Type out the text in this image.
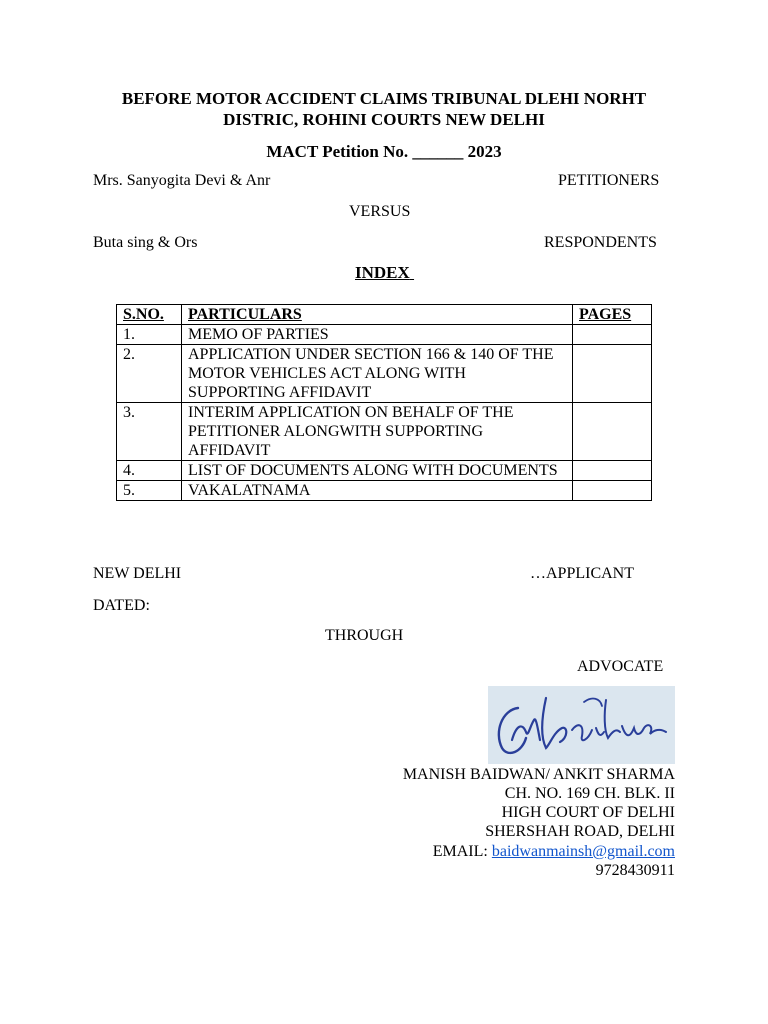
BEFORE MOTOR ACCIDENT CLAIMS TRIBUNAL DLEHI NORHT
DISTRIC, ROHINI COURTS NEW DELHI
MACT Petition No. ______ 2023
Mrs. Sanyogita Devi & Anr	PETITIONERS
VERSUS
Buta sing & Ors	RESPONDENTS
INDEX
S.NO.	PARTICULARS	PAGES
1.	MEMO OF PARTIES	
2.	APPLICATION UNDER SECTION 166 & 140 OF THE MOTOR VEHICLES ACT ALONG WITH SUPPORTING AFFIDAVIT	
3.	INTERIM APPLICATION ON BEHALF OF THE PETITIONER ALONGWITH SUPPORTING AFFIDAVIT	
4.	LIST OF DOCUMENTS ALONG WITH DOCUMENTS	
5.	VAKALATNAMA	
NEW DELHI	…APPLICANT
DATED:
THROUGH
ADVOCATE
MANISH BAIDWAN/ ANKIT SHARMA
CH. NO. 169 CH. BLK. II
HIGH COURT OF DELHI
SHERSHAH ROAD, DELHI
EMAIL: baidwanmainsh@gmail.com
9728430911
